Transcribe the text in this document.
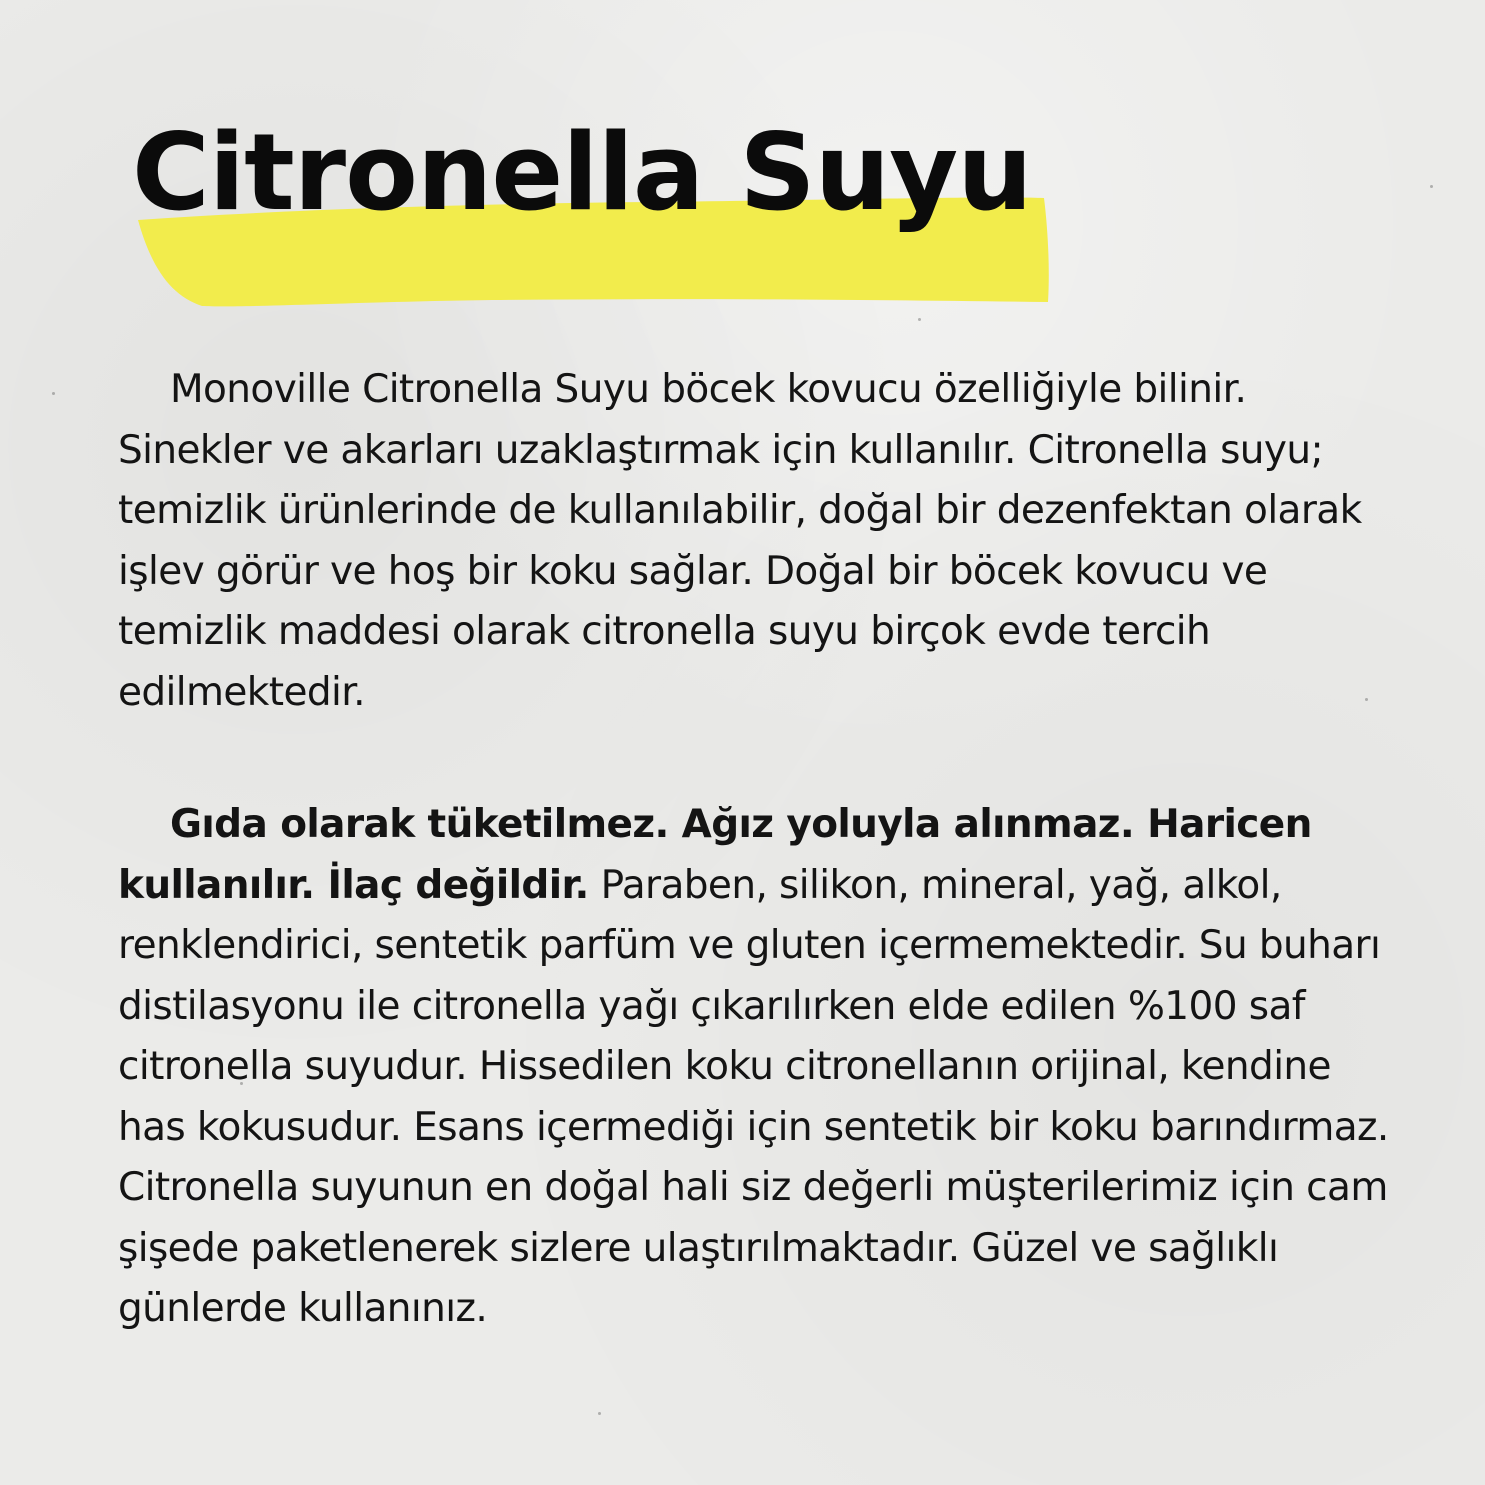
Citronella Suyu

Monoville Citronella Suyu böcek kovucu özelliğiyle bilinir. Sinekler ve akarları uzaklaştırmak için kullanılır. Citronella suyu; temizlik ürünlerinde de kullanılabilir, doğal bir dezenfektan olarak işlev görür ve hoş bir koku sağlar. Doğal bir böcek kovucu ve temizlik maddesi olarak citronella suyu birçok evde tercih edilmektedir.

Gıda olarak tüketilmez. Ağız yoluyla alınmaz. Haricen kullanılır. İlaç değildir. Paraben, silikon, mineral, yağ, alkol, renklendirici, sentetik parfüm ve gluten içermemektedir. Su buharı distilasyonu ile citronella yağı çıkarılırken elde edilen %100 saf citronella suyudur. Hissedilen koku citronellanın orijinal, kendine has kokusudur. Esans içermediği için sentetik bir koku barındırmaz. Citronella suyunun en doğal hali siz değerli müşterilerimiz için cam şişede paketlenerek sizlere ulaştırılmaktadır. Güzel ve sağlıklı günlerde kullanınız.
